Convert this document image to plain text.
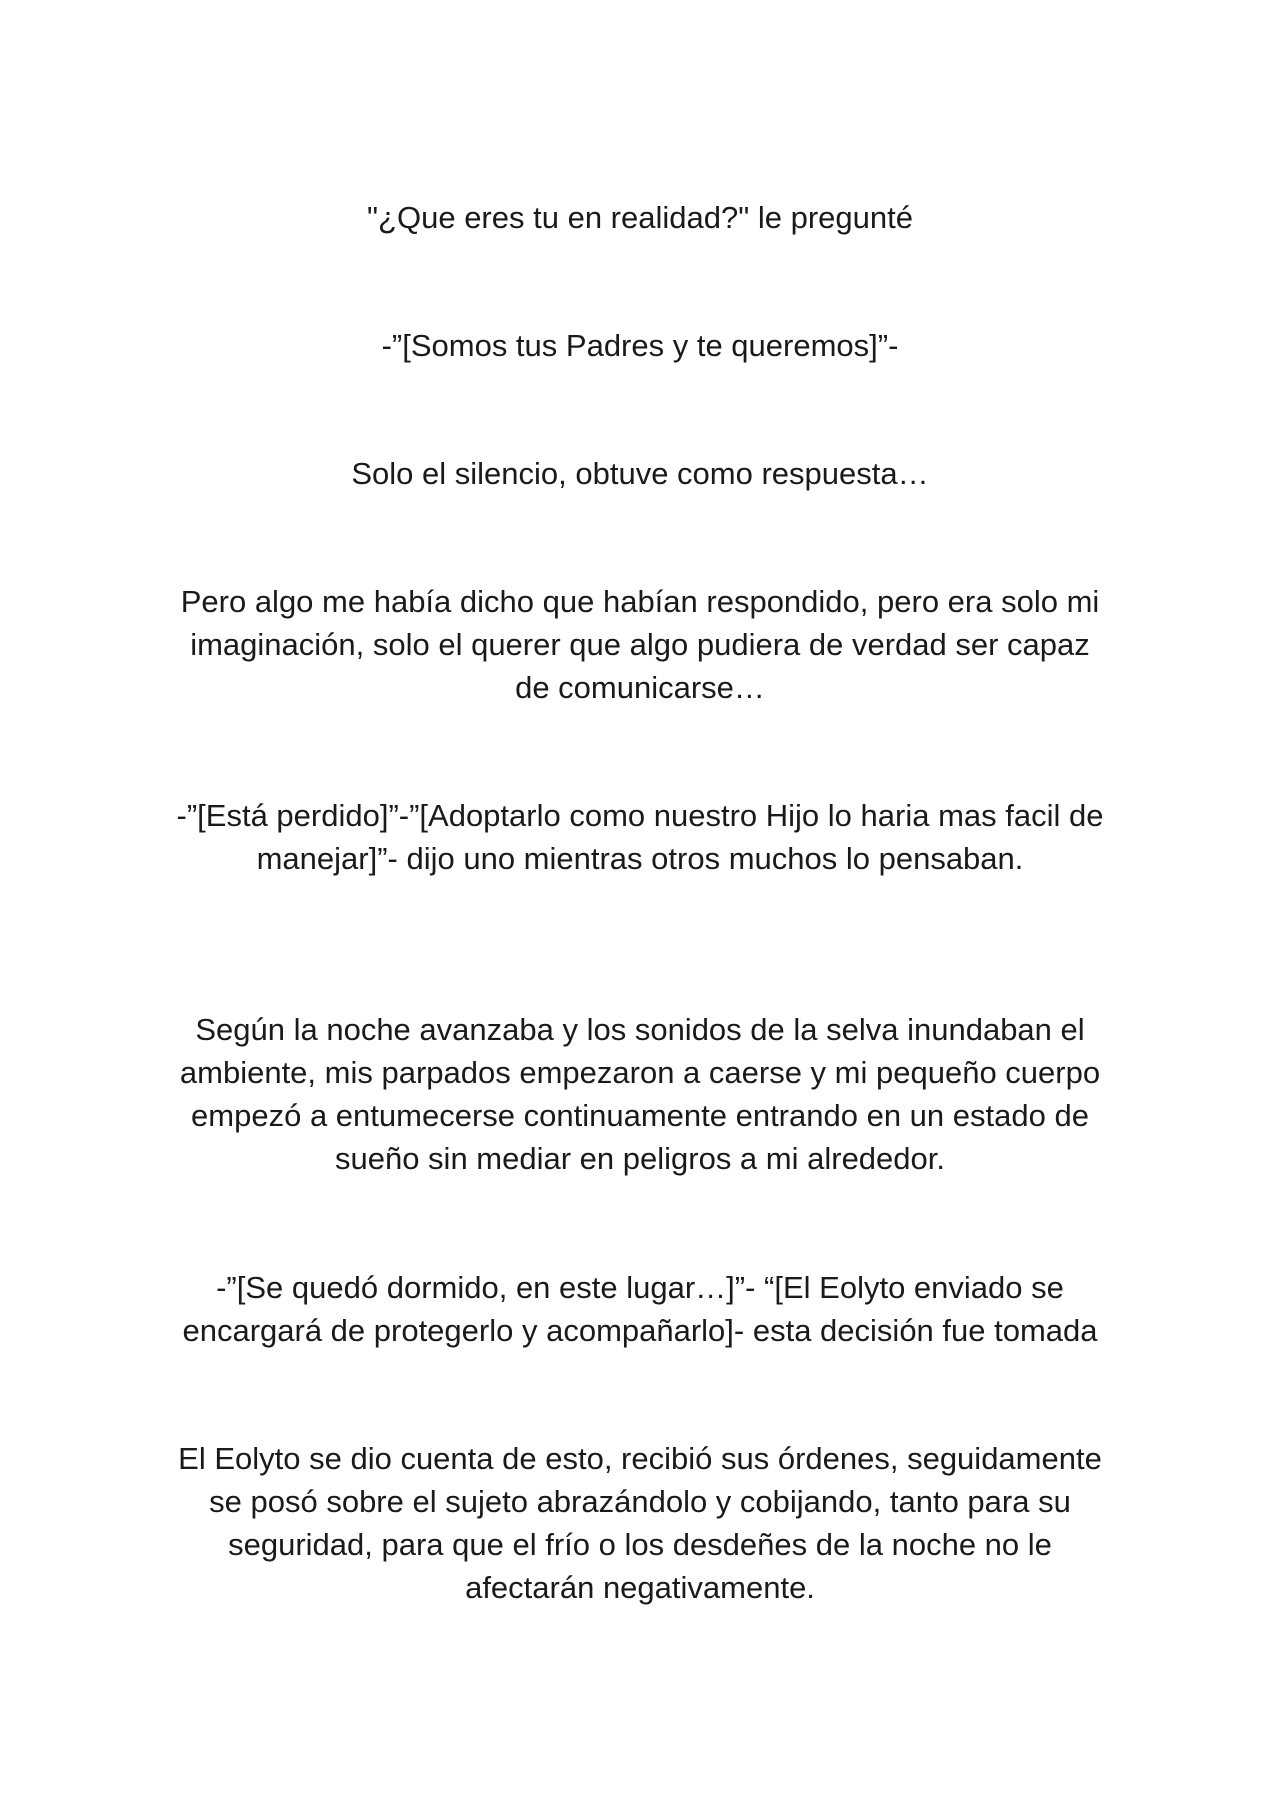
"¿Que eres tu en realidad?" le pregunté

-”[Somos tus Padres y te queremos]”-

Solo el silencio, obtuve como respuesta…

Pero algo me había dicho que habían respondido, pero era solo mi
imaginación, solo el querer que algo pudiera de verdad ser capaz
de comunicarse…

-”[Está perdido]”-”[Adoptarlo como nuestro Hijo lo haria mas facil de
manejar]”- dijo uno mientras otros muchos lo pensaban.

Según la noche avanzaba y los sonidos de la selva inundaban el
ambiente, mis parpados empezaron a caerse y mi pequeño cuerpo
empezó a entumecerse continuamente entrando en un estado de
sueño sin mediar en peligros a mi alrededor.

-”[Se quedó dormido, en este lugar…]”- “[El Eolyto enviado se
encargará de protegerlo y acompañarlo]- esta decisión fue tomada

El Eolyto se dio cuenta de esto, recibió sus órdenes, seguidamente
se posó sobre el sujeto abrazándolo y cobijando, tanto para su
seguridad, para que el frío o los desdeñes de la noche no le
afectarán negativamente.
